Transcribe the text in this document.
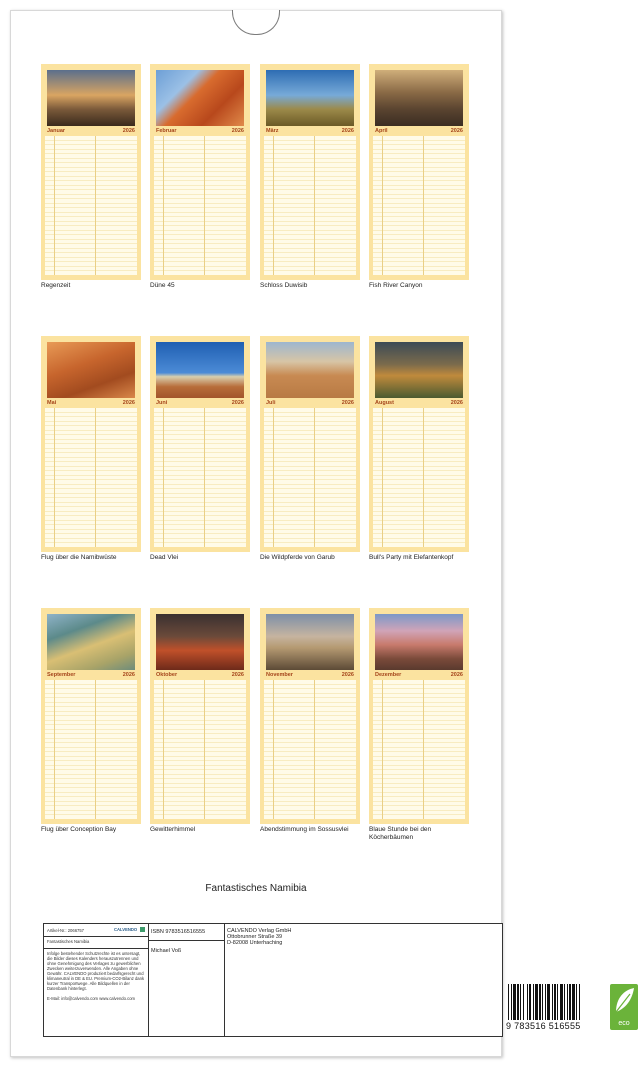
Januar	2026
Regenzeit
Februar	2026
Düne 45
März	2026
Schloss Duwisib
April	2026
Fish River Canyon
Mai	2026
Flug über die Namibwüste
Juni	2026
Dead Vlei
Juli	2026
Die Wildpferde von Garub
August	2026
Bull's Party mit Elefantenkopf
September	2026
Flug über Conception Bay
Oktober	2026
Gewitterhimmel
November	2026
Abendstimmung im Sossusvlei
Dezember	2026
Blaue Stunde bei den Köcherbäumen
Fantastisches Namibia
Artikel-Nr.: 2066757	CALVENDO
Fantastisches Namibia
Infolge bestehender Schutzrechte ist es untersagt, die Bilder dieses Kalenders herauszutrennen und ohne Genehmigung des Verlages zu gewerblichen Zwecken weiterzuverwenden. Alle Angaben ohne Gewähr. CALVENDO produziert bedarfsgerecht und klimaneutral in DE & EU. Premium-CO2-Bilanz dank kurzer Transportwege. Alle Bildquellen in der Datenbank hinterlegt.
E-Mail: info@calvendo.com www.calvendo.com
ISBN 9783516516555
Michael Voß
CALVENDO Verlag GmbH
Ottobrunner Straße 39
D-82008 Unterhaching
9 783516 516555	eco
